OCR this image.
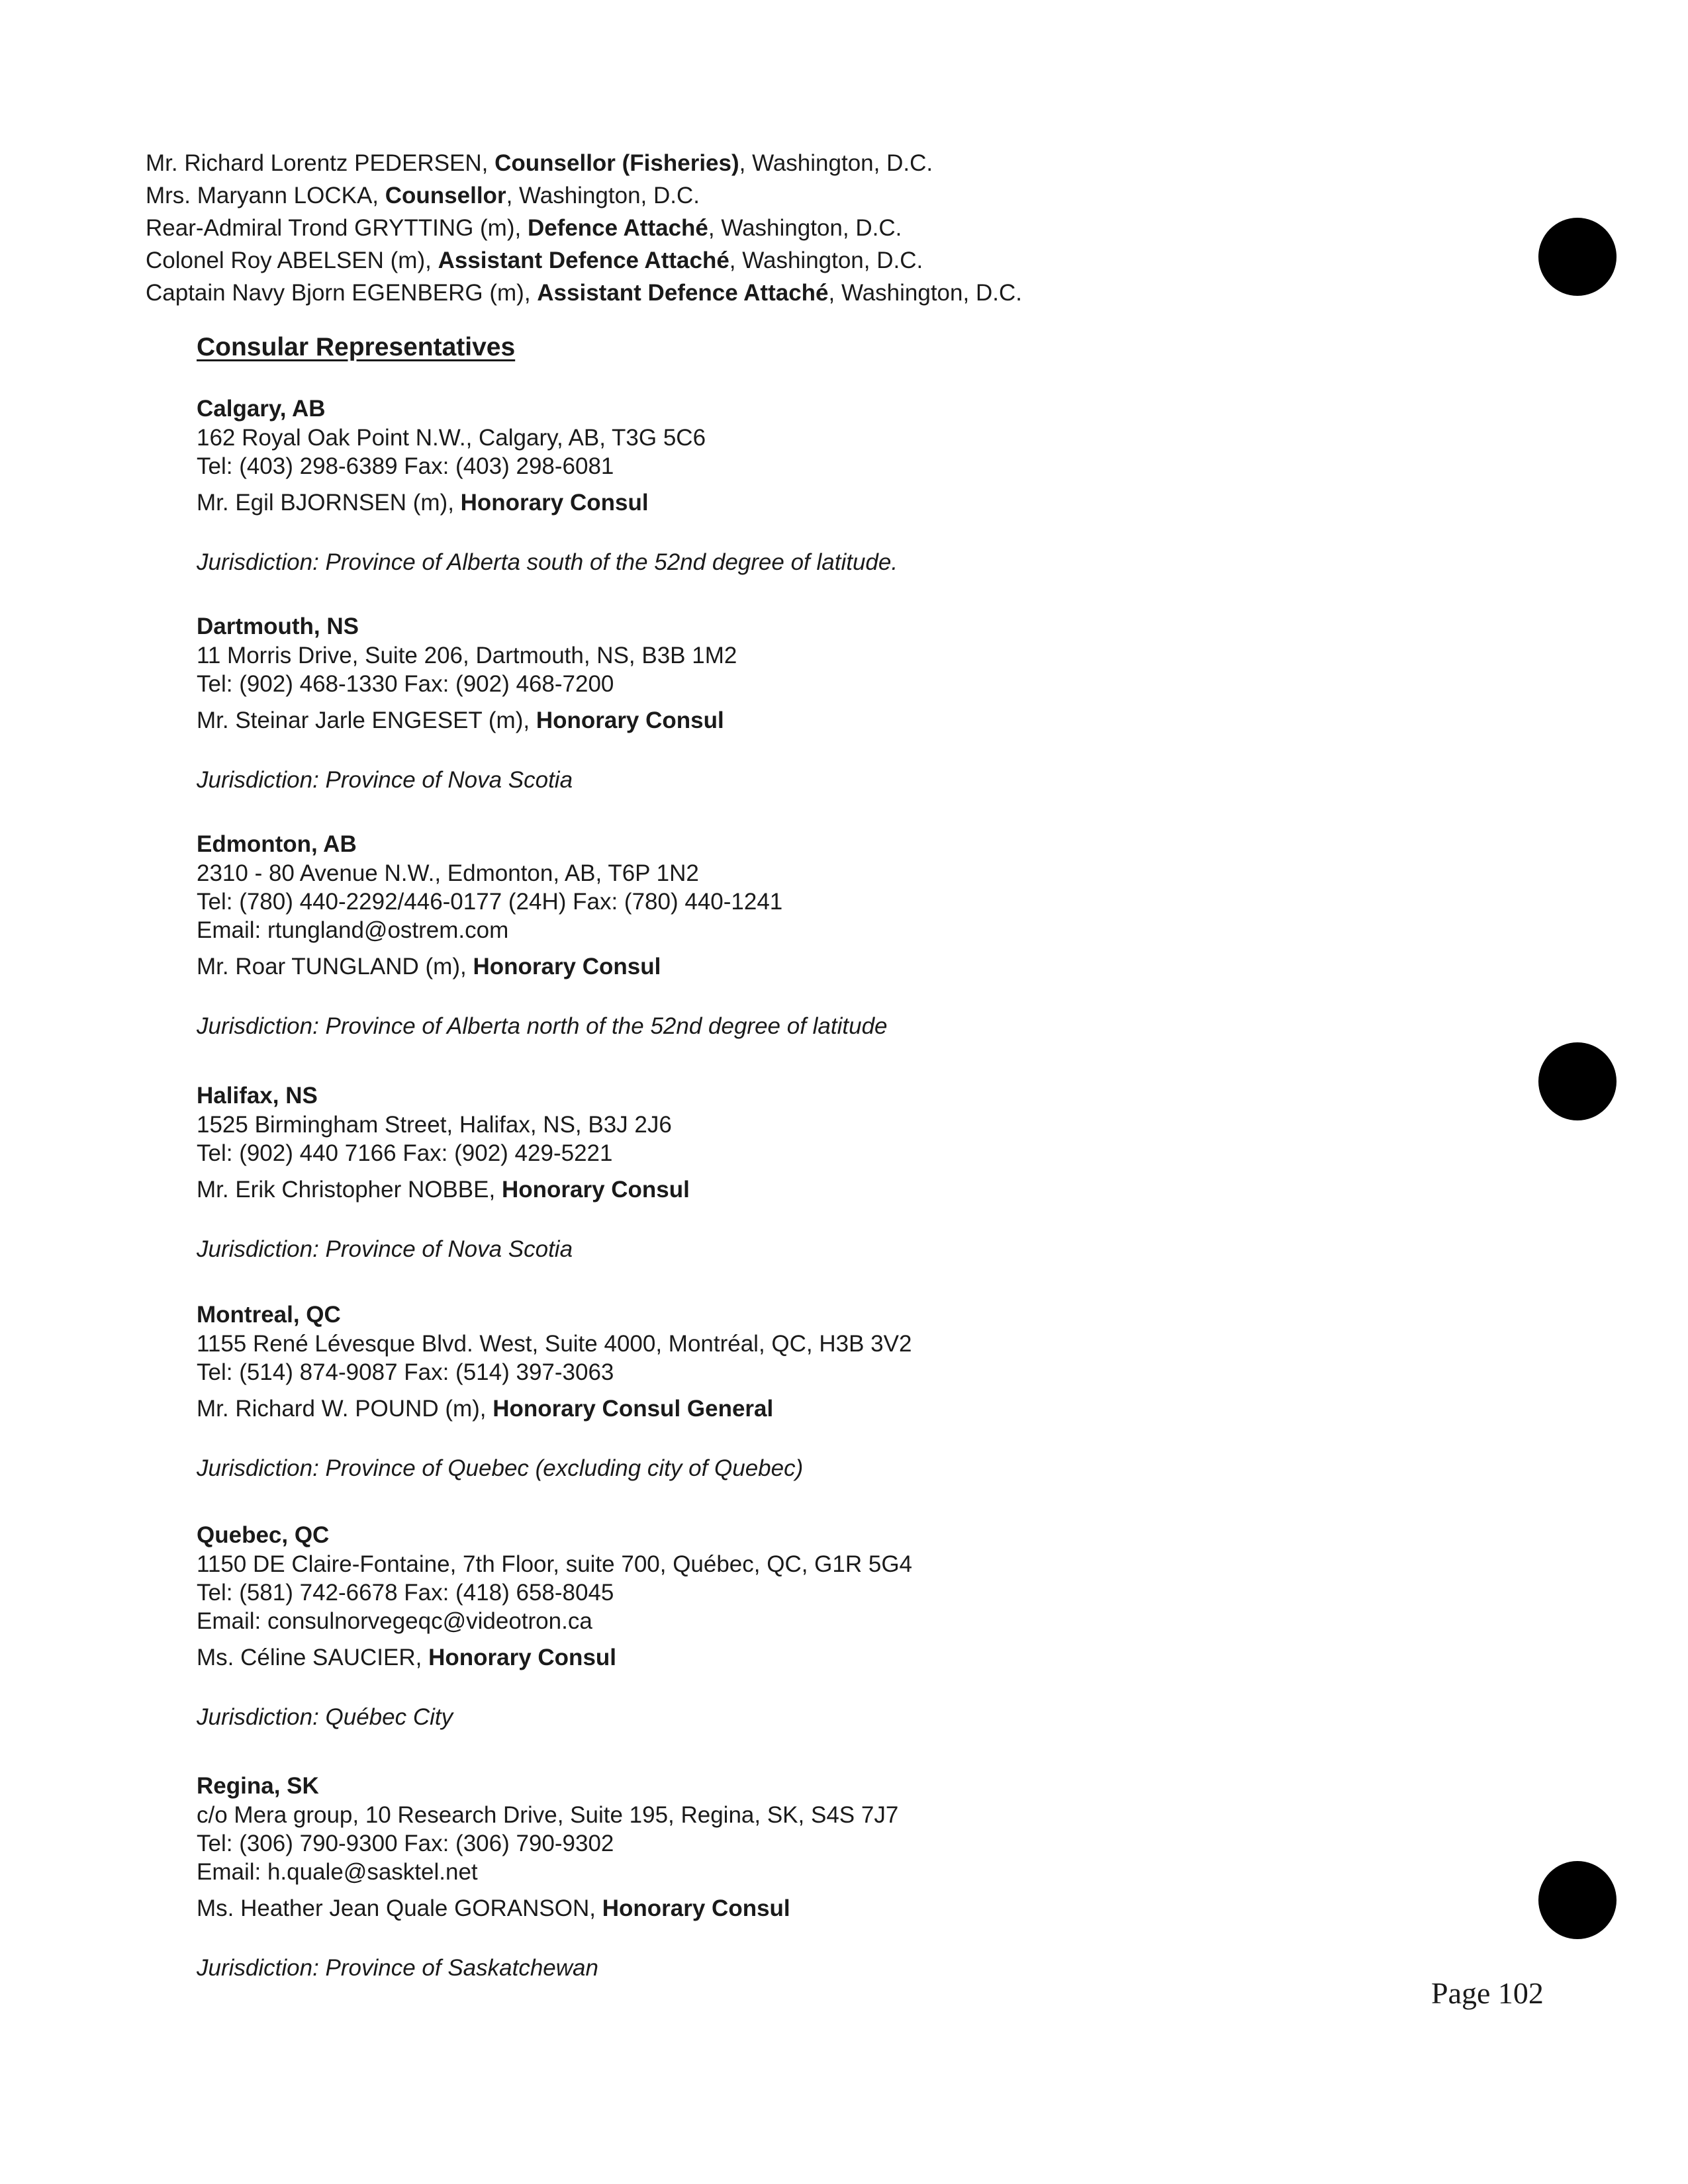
Mr. Richard Lorentz PEDERSEN, Counsellor (Fisheries), Washington, D.C.
Mrs. Maryann LOCKA, Counsellor, Washington, D.C.
Rear-Admiral Trond GRYTTING (m), Defence Attaché, Washington, D.C.
Colonel Roy ABELSEN (m), Assistant Defence Attaché, Washington, D.C.
Captain Navy Bjorn EGENBERG (m), Assistant Defence Attaché, Washington, D.C.
Consular Representatives
Calgary, AB
162 Royal Oak Point N.W., Calgary, AB, T3G 5C6
Tel: (403) 298-6389 Fax: (403) 298-6081
Mr. Egil BJORNSEN (m), Honorary Consul
Jurisdiction: Province of Alberta south of the 52nd degree of latitude.
Dartmouth, NS
11 Morris Drive, Suite 206, Dartmouth, NS, B3B 1M2
Tel: (902) 468-1330 Fax: (902) 468-7200
Mr. Steinar Jarle ENGESET (m), Honorary Consul
Jurisdiction: Province of Nova Scotia
Edmonton, AB
2310 - 80 Avenue N.W., Edmonton, AB, T6P 1N2
Tel: (780) 440-2292/446-0177 (24H) Fax: (780) 440-1241
Email: rtungland@ostrem.com
Mr. Roar TUNGLAND (m), Honorary Consul
Jurisdiction: Province of Alberta north of the 52nd degree of latitude
Halifax, NS
1525 Birmingham Street, Halifax, NS, B3J 2J6
Tel: (902) 440 7166 Fax: (902) 429-5221
Mr. Erik Christopher NOBBE, Honorary Consul
Jurisdiction: Province of Nova Scotia
Montreal, QC
1155 René Lévesque Blvd. West, Suite 4000, Montréal, QC, H3B 3V2
Tel: (514) 874-9087 Fax: (514) 397-3063
Mr. Richard W. POUND (m), Honorary Consul General
Jurisdiction: Province of Quebec (excluding city of Quebec)
Quebec, QC
1150 DE Claire-Fontaine, 7th Floor, suite 700, Québec, QC, G1R 5G4
Tel: (581) 742-6678 Fax: (418) 658-8045
Email: consulnorvegeqc@videotron.ca
Ms. Céline SAUCIER, Honorary Consul
Jurisdiction: Québec City
Regina, SK
c/o Mera group, 10 Research Drive, Suite 195, Regina, SK, S4S 7J7
Tel: (306) 790-9300 Fax: (306) 790-9302
Email: h.quale@sasktel.net
Ms. Heather Jean Quale GORANSON, Honorary Consul
Jurisdiction: Province of Saskatchewan
Page 102
